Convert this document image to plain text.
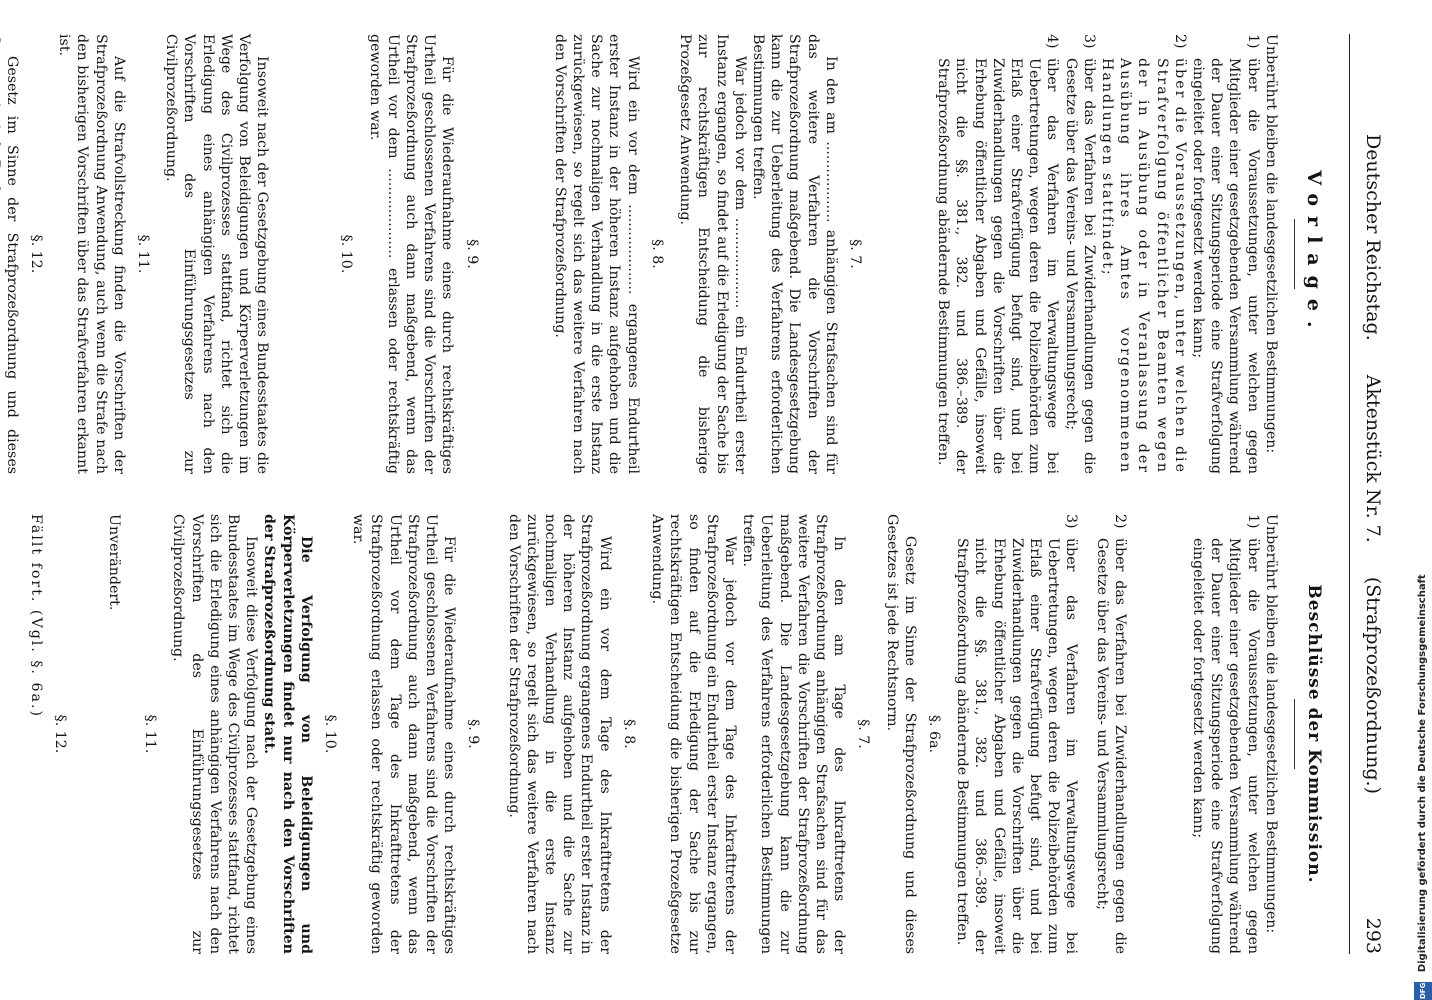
Deutscher Reichstag. Aktenstück Nr. 7. (Strafprozeßordnung.)
293
Vorlage.

Unberührt bleiben die landesgesetzlichen Bestimmungen:

1)
über die Voraussetzungen, unter welchen gegen Mitglieder einer gesetzgebenden Versammlung während der Dauer einer Sitzungsperiode eine Strafverfolgung eingeleitet oder fortgesetzt werden kann;
2)
über die Voraussetzungen, unter welchen die Strafverfolgung öffentlicher Beamten wegen der in Ausübung oder in Veranlassung der Ausübung ihres Amtes vorgenommenen Handlungen stattfindet;
3)
über das Verfahren bei Zuwiderhandlungen gegen die Gesetze über das Vereins- und Versammlungsrecht;
4)
über das Verfahren im Verwaltungswege bei Uebertretungen, wegen deren die Polizeibehörden zum Erlaß einer Strafverfügung befugt sind, und bei Zuwiderhandlungen gegen die Vorschriften über die Erhebung öffentlicher Abgaben und Gefälle, insoweit nicht die §§. 381., 382. und 386.–389. der Strafprozeßordnung abändernde Bestimmungen treffen.
§. 7.

In den am .................. anhängigen Strafsachen sind für das weitere Verfahren die Vorschriften der Strafprozeßordnung maßgebend. Die Landesgesetzgebung kann die zur Ueberleitung des Verfahrens erforderlichen Bestimmungen treffen.

War jedoch vor dem .................... ein Endurtheil erster Instanz ergangen, so findet auf die Erledigung der Sache bis zur rechtskräftigen Entscheidung die bisherige Prozeßgesetz Anwendung.

§. 8.

Wird ein vor dem .................... ergangenes Endurtheil erster Instanz in der höheren Instanz aufgehoben und die Sache zur nochmaligen Verhandlung in die erste Instanz zurückgewiesen, so regelt sich das weitere Verfahren nach den Vorschriften der Strafprozeßordnung.

§. 9.

Für die Wiederaufnahme eines durch rechtskräftiges Urtheil geschlossenen Verfahrens sind die Vorschriften der Strafprozeßordnung auch dann maßgebend, wenn das Urtheil vor dem .................... erlassen oder rechtskräftig geworden war.

§. 10.

Insoweit nach der Gesetzgebung eines Bundesstaates die Verfolgung von Beleidigungen und Körperverletzungen im Wege des Civilprozesses stattfand, richtet sich die Erledigung eines anhängigen Verfahrens nach den Vorschriften des Einführungsgesetzes zur Civilprozeßordnung.

§. 11.

Auf die Strafvollstreckung finden die Vorschriften der Strafprozeßordnung Anwendung, auch wenn die Strafe nach den bisherigen Vorschriften über das Strafverfahren erkannt ist.

§. 12.

Gesetz im Sinne der Strafprozeßordnung und dieses

Beschlüsse der Kommission.

Unberührt bleiben die landesgesetzlichen Bestimmungen:

1)
über die Voraussetzungen, unter welchen gegen Mitglieder einer gesetzgebenden Versammlung während der Dauer einer Sitzungsperiode eine Strafverfolgung eingeleitet oder fortgesetzt werden kann;
2)
über das Verfahren bei Zuwiderhandlungen gegen die Gesetze über das Vereins- und Versammlungsrecht;
3)
über das Verfahren im Verwaltungswege bei Uebertretungen, wegen deren die Polizeibehörden zum Erlaß einer Strafverfügung befugt sind, und bei Zuwiderhandlungen gegen die Vorschriften über die Erhebung öffentlicher Abgaben und Gefälle, insoweit nicht die §§. 381., 382. und 386.–389. der Strafprozeßordnung abändernde Bestimmungen treffen.
§. 6a.

Gesetz im Sinne der Strafprozeßordnung und dieses Gesetzes ist jede Rechtsnorm.

§. 7.

In den am Tage des Inkrafttretens der Strafprozeßordnung anhängigen Strafsachen sind für das weitere Verfahren die Vorschriften der Strafprozeßordnung maßgebend. Die Landesgesetzgebung kann die zur Ueberleitung des Verfahrens erforderlichen Bestimmungen treffen.

War jedoch vor dem Tage des Inkrafttretens der Strafprozeßordnung ein Endurtheil erster Instanz ergangen, so finden auf die Erledigung der Sache bis zur rechtskräftigen Entscheidung die bisherigen Prozeßgesetze Anwendung.

§. 8.

Wird ein vor dem Tage des Inkrafttretens der Strafprozeßordnung ergangenes Endurtheil erster Instanz in der höheren Instanz aufgehoben und die Sache zur nochmaligen Verhandlung in die erste Instanz zurückgewiesen, so regelt sich das weitere Verfahren nach den Vorschriften der Strafprozeßordnung.

§. 9.

Für die Wiederaufnahme eines durch rechtskräftiges Urtheil geschlossenen Verfahrens sind die Vorschriften der Strafprozeßordnung auch dann maßgebend, wenn das Urtheil vor dem Tage des Inkrafttretens der Strafprozeßordnung erlassen oder rechtskräftig geworden war.

§. 10.

Die Verfolgung von Beleidigungen und Körperverletzungen findet nur nach den Vorschriften der Strafprozeßordnung statt.

Insoweit diese Verfolgung nach der Gesetzgebung eines Bundesstaates im Wege des Civilprozesses stattfand, richtet sich die Erledigung eines anhängigen Verfahrens nach den Vorschriften des Einführungsgesetzes zur Civilprozeßordnung.

§. 11.

Unverändert.

§. 12.

Fällt fort. (Vgl. §. 6a.)

DFG Digitalisierung gefördert durch die Deutsche Forschungsgemeinschaft
